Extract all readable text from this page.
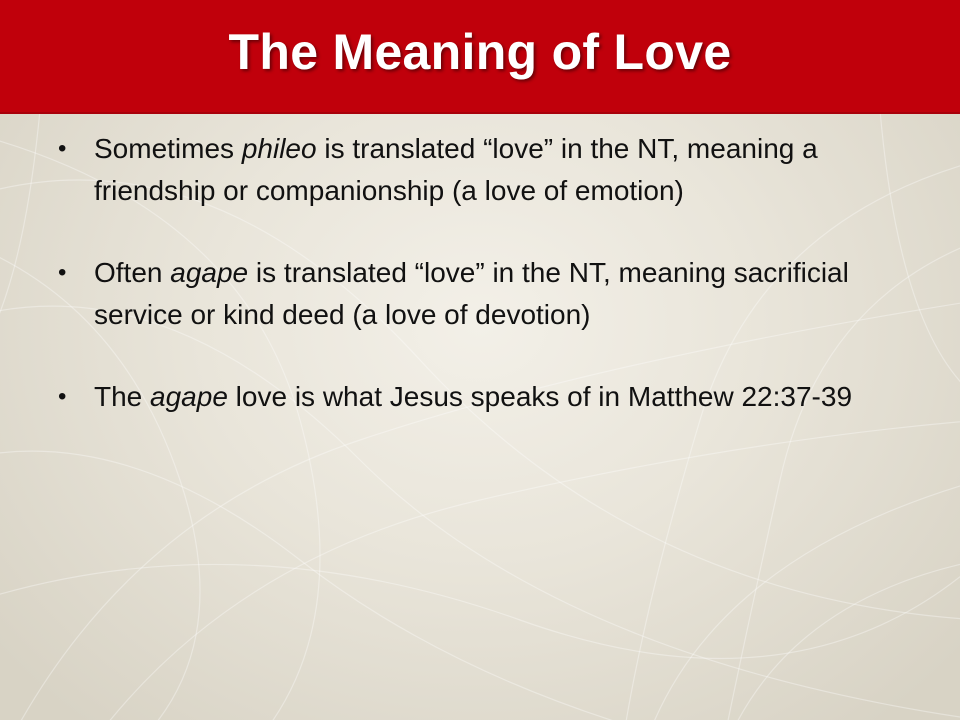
The Meaning of Love
• Sometimes phileo is translated “love” in the NT, meaning a friendship or companionship (a love of emotion)
• Often agape is translated “love” in the NT, meaning sacrificial service or kind deed (a love of devotion)
• The agape love is what Jesus speaks of in Matthew 22:37-39
